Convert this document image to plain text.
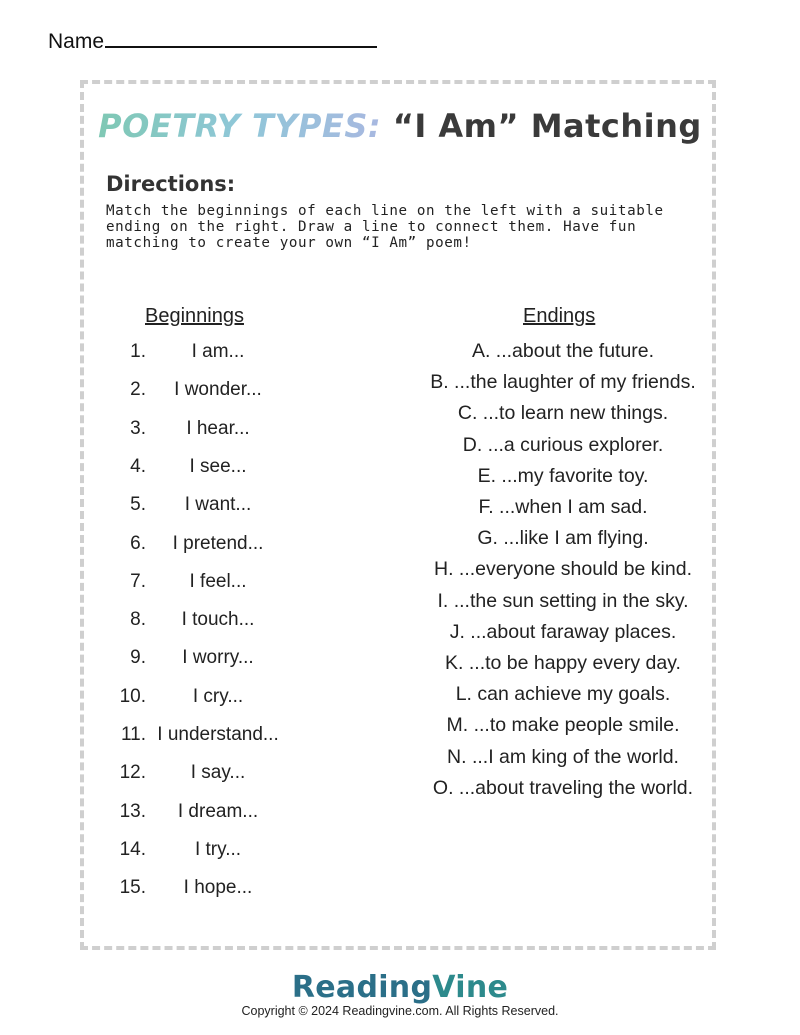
Name
POETRY TYPES: “I Am” Matching
Directions:
Match the beginnings of each line on the left with a suitable ending on the right. Draw a line to connect them. Have fun matching to create your own “I Am” poem!
Beginnings	Endings
1.	I am...
2.	I wonder...
3.	I hear...
4.	I see...
5.	I want...
6.	I pretend...
7.	I feel...
8.	I touch...
9.	I worry...
10.	I cry...
11. I understand...
12.	I say...
13.	I dream...
14.	I try...
15.	I hope...
A. ...about the future.
B. ...the laughter of my friends.
C. ...to learn new things.
D. ...a curious explorer.
E. ...my favorite toy.
F. ...when I am sad.
G. ...like I am flying.
H. ...everyone should be kind.
I. ...the sun setting in the sky.
J. ...about faraway places.
K. ...to be happy every day.
L. can achieve my goals.
M. ...to make people smile.
N. ...I am king of the world.
O. ...about traveling the world.
ReadingVine
Copyright © 2024 Readingvine.com. All Rights Reserved.
